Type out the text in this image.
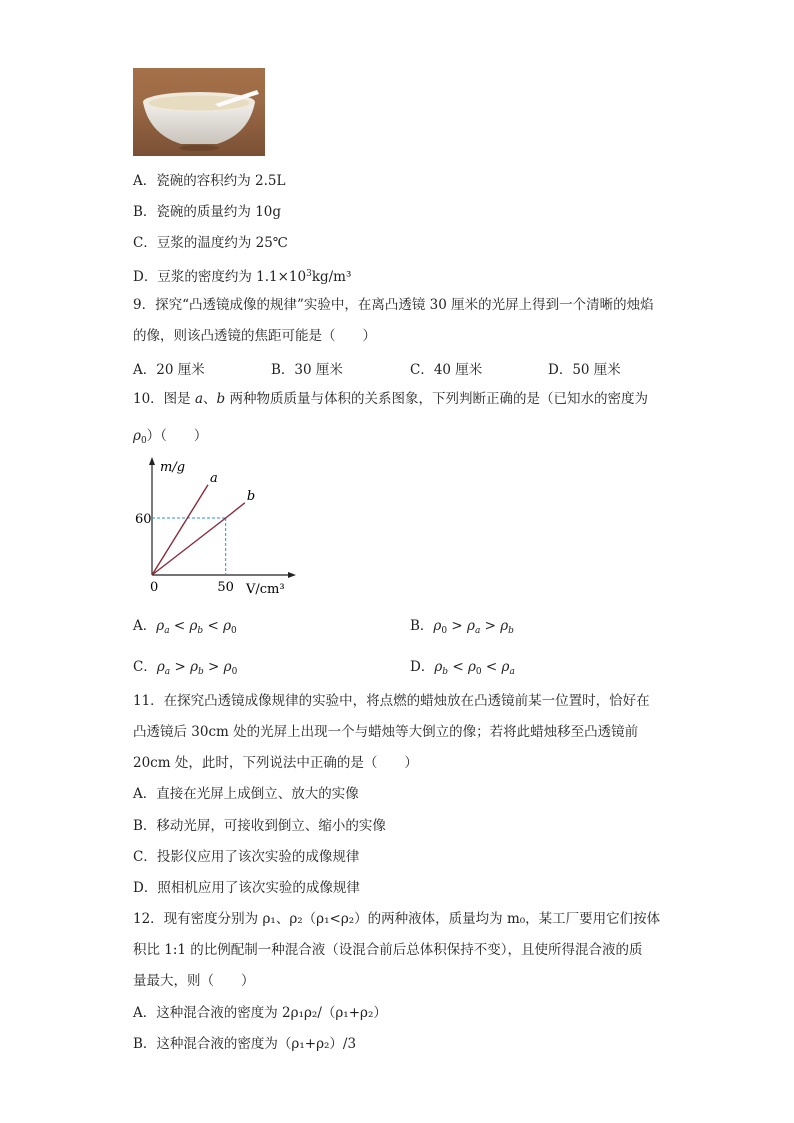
A．瓷碗的容积约为 2.5L
B．瓷碗的质量约为 10g
C．豆浆的温度约为 25℃
D．豆浆的密度约为 $1.1\times 10^3kg/m^3$
9．探究“凸透镜成像的规律”实验中，在离凸透镜 30 厘米的光屏上得到一个清晰的烛焰
的像，则该凸透镜的焦距可能是（　　）
A．20 厘米	B．30 厘米	C．40 厘米	D．50 厘米
10．图是 a、b 两种物质质量与体积的关系图象，下列判断正确的是（已知水的密度为
$\rho_0$）（　　）
a
b
m/g
V/cm³
0	50
60
A．$\rho_a < \rho_b < \rho_0$	B．$\rho_0 > \rho_a > \rho_b$
C．$\rho_a > \rho_b > \rho_0$	D．$\rho_b < \rho_0 < \rho_a$
11．在探究凸透镜成像规律的实验中，将点燃的蜡烛放在凸透镜前某一位置时，恰好在
凸透镜后 30cm 处的光屏上出现一个与蜡烛等大倒立的像；若将此蜡烛移至凸透镜前
20cm 处，此时，下列说法中正确的是（　　）
A．直接在光屏上成倒立、放大的实像
B．移动光屏，可接收到倒立、缩小的实像
C．投影仪应用了该次实验的成像规律
D．照相机应用了该次实验的成像规律
12．现有密度分别为 ρ₁、ρ₂（ρ₁<ρ₂）的两种液体，质量均为 m₀，某工厂要用它们按体
积比 1:1 的比例配制一种混合液（设混合前后总体积保持不变），且使所得混合液的质
量最大，则（　　）
A．这种混合液的密度为 2ρ₁ρ₂/（ρ₁+ρ₂）
B．这种混合液的密度为（ρ₁+ρ₂）/3
